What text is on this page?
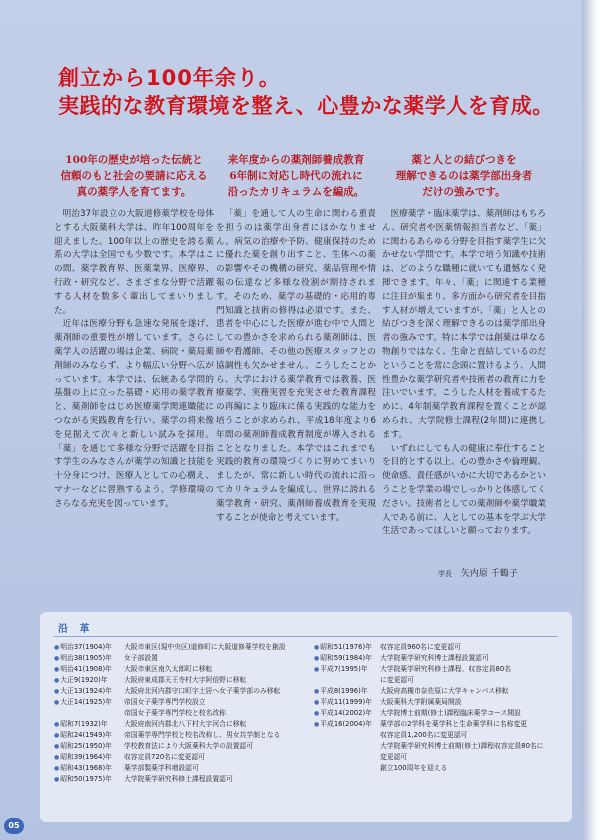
創立から100年余り。
実践的な教育環境を整え、心豊かな薬学人を育成。
100年の歴史が培った伝統と
信頼のもと社会の要請に応える
真の薬学人を育てます。

明治37年設立の大阪道修薬学校を母体とする大阪薬科大学は、昨年100周年を迎えました。100年以上の歴史を誇る薬系の大学は全国でも少数です。本学はこの間、薬学教育界、医薬業界、医療界、行政・研究など、さまざまな分野で活躍する人材を数多く輩出してまいりました。

近年は医療分野も急速な発展を遂げ、薬剤師の重要性が増しています。さらに薬学人の活躍の場は企業、病院・薬局薬剤師のみならず、より幅広い分野へ広がっています。本学では、伝統ある学問的基盤の上に立った基礎・応用の薬学教育と、薬剤師をはじめ医療薬学関連職能につながる実践教育を行い、薬学の将来像を見据えて次々と新しい試みを採用。「薬」を通じて多様な分野で活躍を目指す学生のみなさんが薬学の知識と技能を十分身につけ、医療人としての心構え、マナーなどに習熟するよう、学修環境のさらなる充実を図っています。

来年度からの薬剤師養成教育
6年制に対応し時代の流れに
沿ったカリキュラムを編成。

「薬」を通して人の生命に関わる重責を担うのは薬学出身者にほかなりません。病気の治療や予防、健康保持のために優れた薬を創り出すこと、生体への薬の影響やその機構の研究、薬品管理や情報の伝達など多様な役割が期待されます。そのため、薬学の基礎的・応用的専門知識と技術の修得は必須です。また、患者を中心にした医療が進む中で人間としての豊かさを求められる薬剤師は、医師や看護師、その他の医療スタッフとの協調性も欠かせません。こうしたことから、大学における薬学教育では教養、医療薬学、実務実習を充実させた教育課程の再編により臨床に係る実践的な能力を培うことが求められ、平成18年度より6年間の薬剤師養成教育制度が導入されることとなりました。本学ではこれまでも実践的教育の環境づくりに努めてまいりましたが、常に新しい時代の流れに沿ってカリキュラムを編成し、世界に誇れる薬学教育・研究、薬剤師養成教育を実現することが使命と考えています。

薬と人との結びつきを
理解できるのは薬学部出身者
だけの強みです。

医療薬学・臨床薬学は、薬剤師はもちろん、研究者や医薬情報担当者など、「薬」に関わるあらゆる分野を目指す薬学生に欠かせない学問です。本学で培う知識や技術は、どのような職種に就いても遺憾なく発揮できます。年々、「薬」に関連する業種に注目が集まり、多方面から研究者を目指す人材が増えていますが、「薬」と人との結びつきを深く理解できるのは薬学部出身者の強みです。特に本学では創薬は単なる物創りではなく、生命と直結しているのだということを常に念頭に置けるよう、人間性豊かな薬学研究者や技術者の教育に力を注いでいます。こうした人材を養成するために、4年制薬学教育課程を置くことが認められ、大学院修士課程(2年間)に連携します。

いずれにしても人の健康に奉仕することを目的とする以上、心の豊かさや倫理観、使命感、責任感がいかに大切であるかということを学業の場でしっかりと体感してください。技術者としての薬剤師や薬学職業人である前に、人としての基本を学ぶ大学生活であってほしいと願っております。

学長 矢内原 千鶴子
沿 革
● 明治37(1904)年	大阪市東区(現中央区)道修町に大阪道修薬学校を創設
● 明治38(1905)年	女子部設置
● 明治41(1908)年	大阪市東区南久太郎町に移転
● 大正9(1920)年	大阪府東成郡天王寺村大字阿倍野に移転
● 大正13(1924)年	大阪府北河内郡守口町字土居へ女子薬学部のみ移転
● 大正14(1925)年	帝国女子薬学専門学校設立
帝国女子薬学専門学校と校名改称
● 昭和7(1932)年	大阪府南河内郡北八下村大字河合に移転
● 昭和24(1949)年	帝国薬学専門学校と校名改称し、男女共学制となる
● 昭和25(1950)年	学校教育法により大阪薬科大学の設置認可
● 昭和39(1964)年	収容定員720名に変更認可
● 昭和43(1968)年	薬学部製薬学科増設認可
● 昭和50(1975)年	大学院薬学研究科修士課程設置認可
● 昭和51(1976)年	収容定員960名に変更認可
● 昭和59(1984)年	大学院薬学研究科博士課程設置認可
● 平成7(1995)年	大学院薬学研究科修士課程、収容定員80名
に変更認可
● 平成8(1996)年	大阪府高槻市奈佐原に大学キャンパス移転
● 平成11(1999)年	大阪薬科大学附属薬局開設
● 平成14(2002)年	大学院博士前期(修士)課程臨床薬学コース開設
● 平成16(2004)年	薬学部の2学科を薬学科と生命薬学科に名称変更
収容定員1,200名に変更認可
大学院薬学研究科博士前期(修士)課程収容定員80名に
変更認可
創立100周年を迎える
05
